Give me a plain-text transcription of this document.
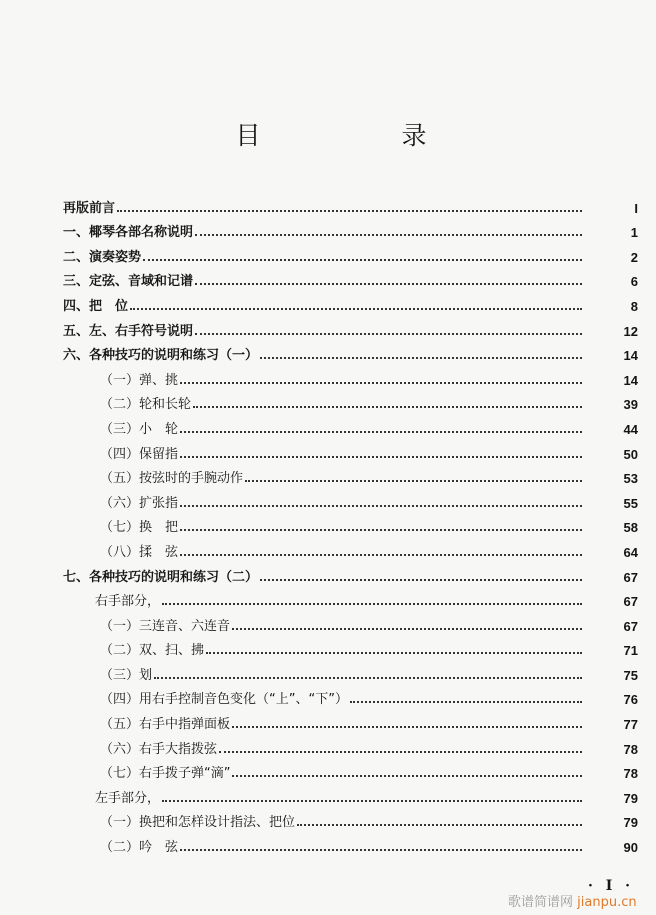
目　录
再版前言	I
一、椰琴各部名称说明	1
二、演奏姿势	2
三、定弦、音域和记谱	6
四、把　位	8
五、左、右手符号说明	12
六、各种技巧的说明和练习（一）	14
（一）弹、挑	14
（二）轮和长轮	39
（三）小　轮	44
（四）保留指	50
（五）按弦时的手腕动作	53
（六）扩张指	55
（七）换　把	58
（八）揉　弦	64
七、各种技巧的说明和练习（二）	67
右手部分，	67
（一）三连音、六连音	67
（二）双、扫、拂	71
（三）划	75
（四）用右手控制音色变化（“上”、“下”）	76
（五）右手中指弹面板	77
（六）右手大指拨弦	78
（七）右手拨子弹“滴”	78
左手部分，	79
（一）换把和怎样设计指法、把位	79
（二）吟　弦	90
· I ·
歌谱简谱网 jianpu.cn
